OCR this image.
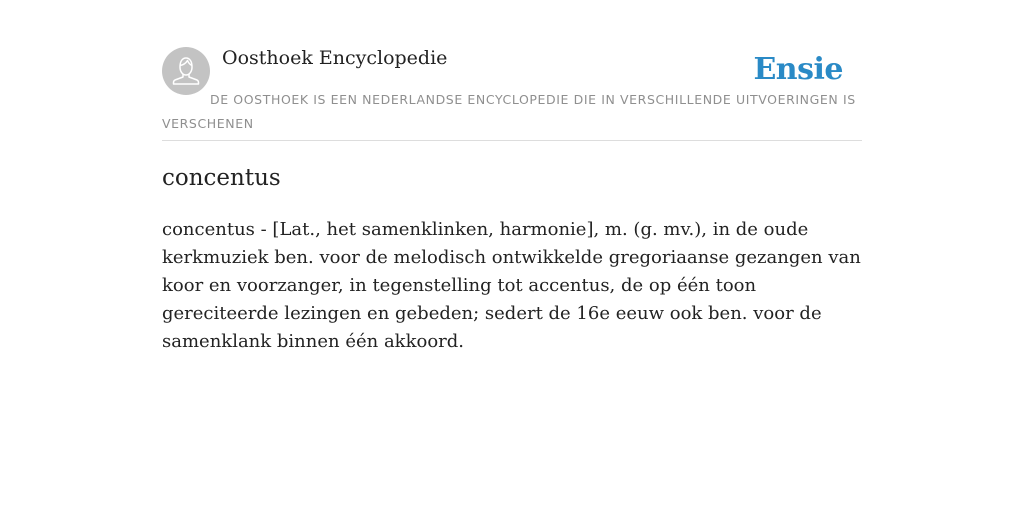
Oosthoek Encyclopedie	Ensie
DE OOSTHOEK IS EEN NEDERLANDSE ENCYCLOPEDIE DIE IN VERSCHILLENDE UITVOERINGEN IS VERSCHENEN
concentus

concentus - [Lat., het samenklinken, harmonie], m. (g. mv.), in de oude kerkmuziek ben. voor de melodisch ontwikkelde gregoriaanse gezangen van koor en voorzanger, in tegenstelling tot accentus, de op één toon gereciteerde lezingen en gebeden; sedert de 16e eeuw ook ben. voor de samenklank binnen één akkoord.
